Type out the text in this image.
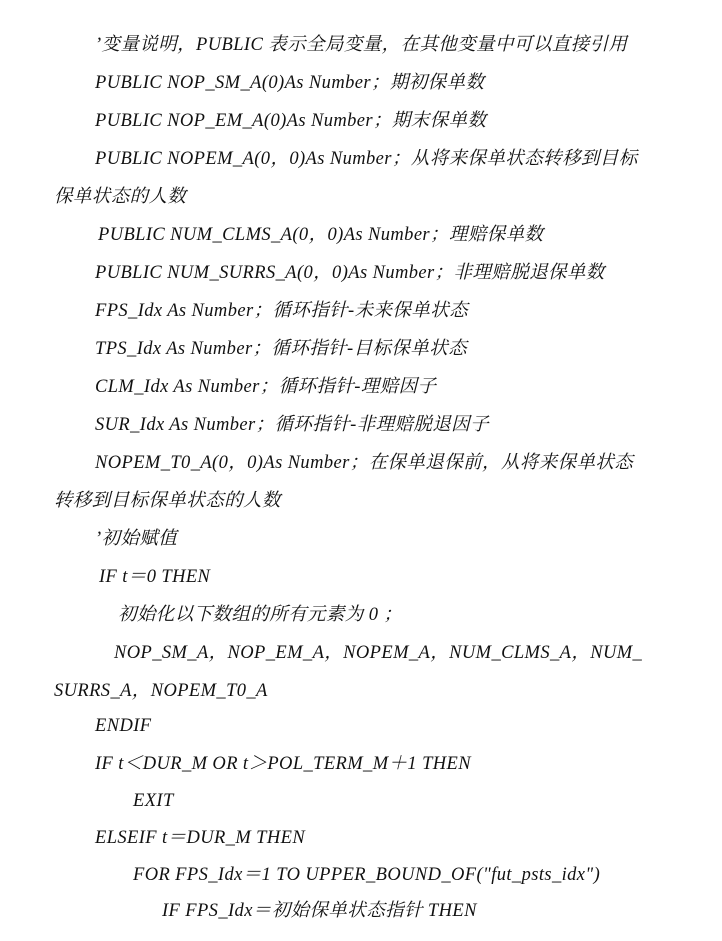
’变量说明，PUBLIC 表示全局变量，在其他变量中可以直接引用
PUBLIC NOP_SM_A(0)As Number；期初保单数
PUBLIC NOP_EM_A(0)As Number；期末保单数
PUBLIC NOPEM_A(0，0)As Number；从将来保单状态转移到目标
保单状态的人数
PUBLIC NUM_CLMS_A(0，0)As Number；理赔保单数
PUBLIC NUM_SURRS_A(0，0)As Number；非理赔脱退保单数
FPS_Idx As Number；循环指针-未来保单状态
TPS_Idx As Number；循环指针-目标保单状态
CLM_Idx As Number；循环指针-理赔因子
SUR_Idx As Number；循环指针-非理赔脱退因子
NOPEM_T0_A(0，0)As Number；在保单退保前，从将来保单状态
转移到目标保单状态的人数
’初始赋值
IF t＝0 THEN
初始化以下数组的所有元素为 0 ；
NOP_SM_A，NOP_EM_A，NOPEM_A，NUM_CLMS_A，NUM_
SURRS_A，NOPEM_T0_A
ENDIF
IF t＜DUR_M OR t＞POL_TERM_M＋1 THEN
EXIT
ELSEIF t＝DUR_M THEN
FOR FPS_Idx＝1 TO UPPER_BOUND_OF("fut_psts_idx")
IF FPS_Idx＝初始保单状态指针 THEN
